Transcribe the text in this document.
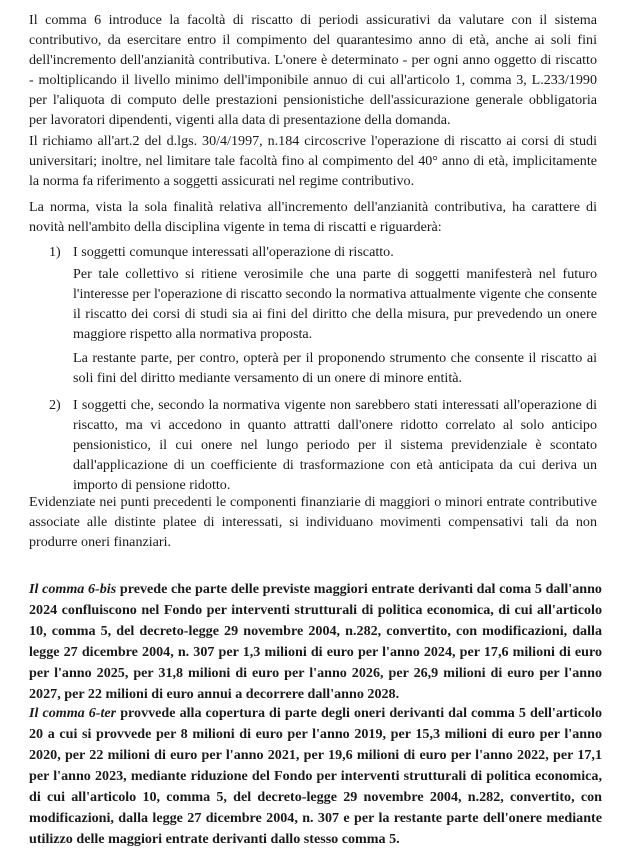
Il comma 6 introduce la facoltà di riscatto di periodi assicurativi da valutare con il sistema contributivo, da esercitare entro il compimento del quarantesimo anno di età, anche ai soli fini dell'incremento dell'anzianità contributiva. L'onere è determinato - per ogni anno oggetto di riscatto - moltiplicando il livello minimo dell'imponibile annuo di cui all'articolo 1, comma 3, L.233/1990 per l'aliquota di computo delle prestazioni pensionistiche dell'assicurazione generale obbligatoria per lavoratori dipendenti, vigenti alla data di presentazione della domanda.

Il richiamo all'art.2 del d.lgs. 30/4/1997, n.184 circoscrive l'operazione di riscatto ai corsi di studi universitari; inoltre, nel limitare tale facoltà fino al compimento del 40° anno di età, implicitamente la norma fa riferimento a soggetti assicurati nel regime contributivo.

La norma, vista la sola finalità relativa all'incremento dell'anzianità contributiva, ha carattere di novità nell'ambito della disciplina vigente in tema di riscatti e riguarderà:

1) I soggetti comunque interessati all'operazione di riscatto.

Per tale collettivo si ritiene verosimile che una parte di soggetti manifesterà nel futuro l'interesse per l'operazione di riscatto secondo la normativa attualmente vigente che consente il riscatto dei corsi di studi sia ai fini del diritto che della misura, pur prevedendo un onere maggiore rispetto alla normativa proposta.

La restante parte, per contro, opterà per il proponendo strumento che consente il riscatto ai soli fini del diritto mediante versamento di un onere di minore entità.

2) I soggetti che, secondo la normativa vigente non sarebbero stati interessati all'operazione di riscatto, ma vi accedono in quanto attratti dall'onere ridotto correlato al solo anticipo pensionistico, il cui onere nel lungo periodo per il sistema previdenziale è scontato dall'applicazione di un coefficiente di trasformazione con età anticipata da cui deriva un importo di pensione ridotto.

Evidenziate nei punti precedenti le componenti finanziarie di maggiori o minori entrate contributive associate alle distinte platee di interessati, si individuano movimenti compensativi tali da non produrre oneri finanziari.

Il comma 6-bis prevede che parte delle previste maggiori entrate derivanti dal coma 5 dall'anno 2024 confluiscono nel Fondo per interventi strutturali di politica economica, di cui all'articolo 10, comma 5, del decreto-legge 29 novembre 2004, n.282, convertito, con modificazioni, dalla legge 27 dicembre 2004, n. 307 per 1,3 milioni di euro per l'anno 2024, per 17,6 milioni di euro per l'anno 2025, per 31,8 milioni di euro per l'anno 2026, per 26,9 milioni di euro per l'anno 2027, per 22 milioni di euro annui a decorrere dall'anno 2028.

Il comma 6-ter provvede alla copertura di parte degli oneri derivanti dal comma 5 dell'articolo 20 a cui si provvede per 8 milioni di euro per l'anno 2019, per 15,3 milioni di euro per l'anno 2020, per 22 milioni di euro per l'anno 2021, per 19,6 milioni di euro per l'anno 2022, per 17,1 per l'anno 2023, mediante riduzione del Fondo per interventi strutturali di politica economica, di cui all'articolo 10, comma 5, del decreto-legge 29 novembre 2004, n.282, convertito, con modificazioni, dalla legge 27 dicembre 2004, n. 307 e per la restante parte dell'onere mediante utilizzo delle maggiori entrate derivanti dallo stesso comma 5.
